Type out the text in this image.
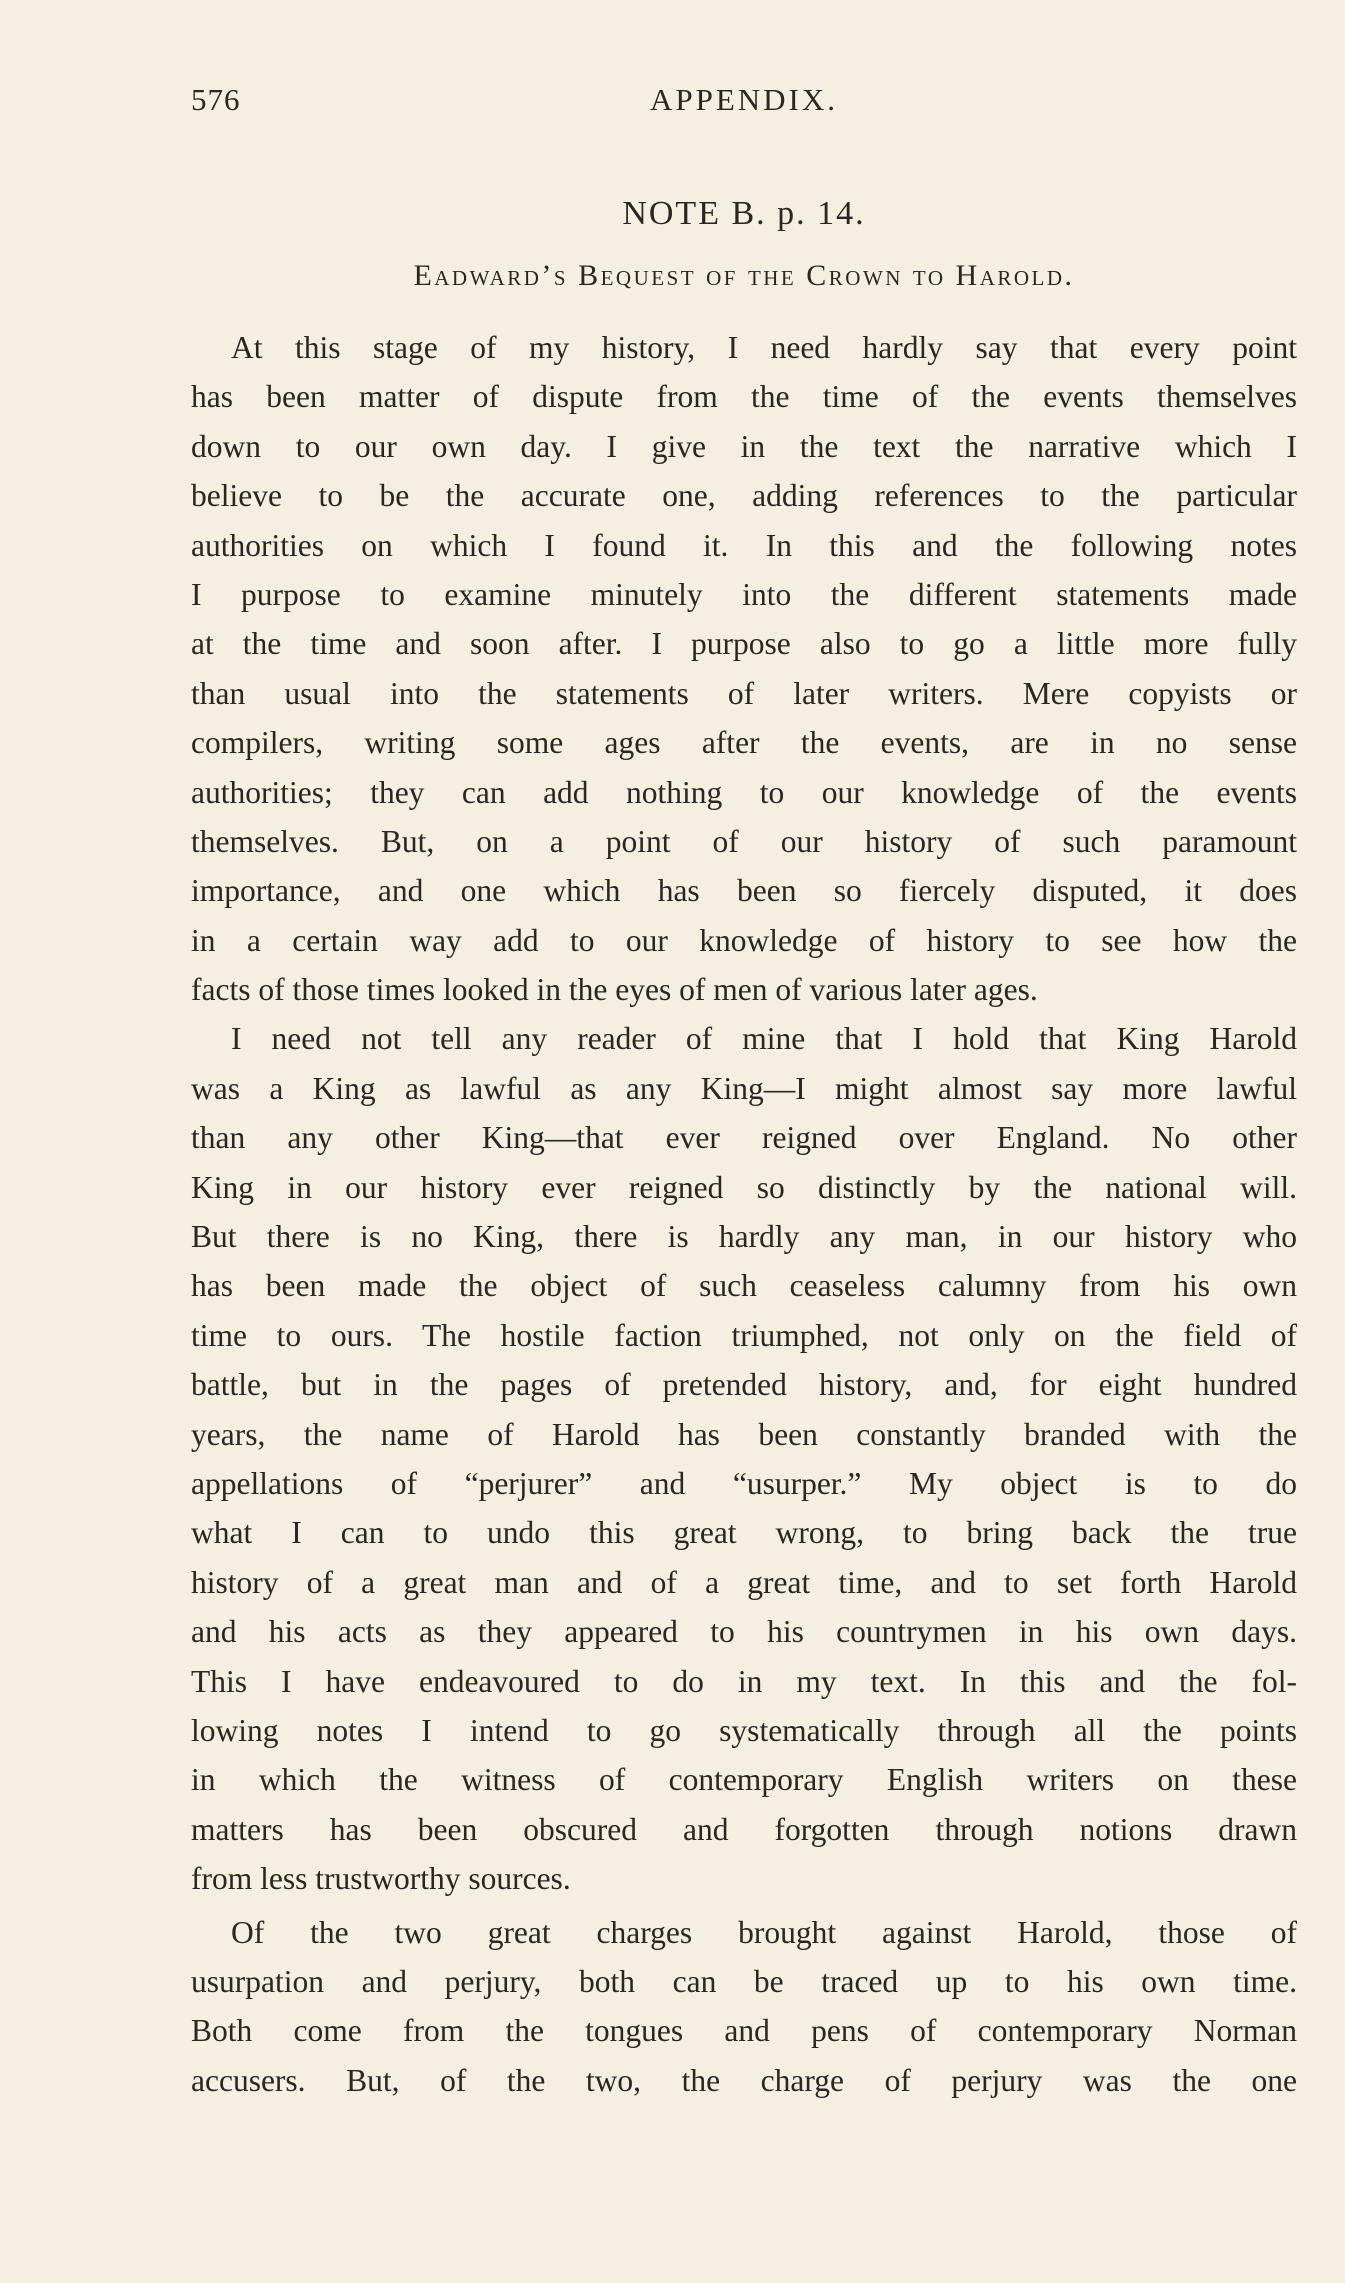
576	APPENDIX.
NOTE B. p. 14.
Eadward’s Bequest of the Crown to Harold.
At this stage of my history, I need hardly say that every point
has been matter of dispute from the time of the events themselves
down to our own day. I give in the text the narrative which I
believe to be the accurate one, adding references to the particular
authorities on which I found it. In this and the following notes
I purpose to examine minutely into the different statements made
at the time and soon after. I purpose also to go a little more fully
than usual into the statements of later writers. Mere copyists or
compilers, writing some ages after the events, are in no sense
authorities; they can add nothing to our knowledge of the events
themselves. But, on a point of our history of such paramount
importance, and one which has been so fiercely disputed, it does
in a certain way add to our knowledge of history to see how the
facts of those times looked in the eyes of men of various later ages.
I need not tell any reader of mine that I hold that King Harold
was a King as lawful as any King—I might almost say more lawful
than any other King—that ever reigned over England. No other
King in our history ever reigned so distinctly by the national will.
But there is no King, there is hardly any man, in our history who
has been made the object of such ceaseless calumny from his own
time to ours. The hostile faction triumphed, not only on the field of
battle, but in the pages of pretended history, and, for eight hundred
years, the name of Harold has been constantly branded with the
appellations of “perjurer” and “usurper.” My object is to do
what I can to undo this great wrong, to bring back the true
history of a great man and of a great time, and to set forth Harold
and his acts as they appeared to his countrymen in his own days.
This I have endeavoured to do in my text. In this and the fol-
lowing notes I intend to go systematically through all the points
in which the witness of contemporary English writers on these
matters has been obscured and forgotten through notions drawn
from less trustworthy sources.
Of the two great charges brought against Harold, those of
usurpation and perjury, both can be traced up to his own time.
Both come from the tongues and pens of contemporary Norman
accusers. But, of the two, the charge of perjury was the one
